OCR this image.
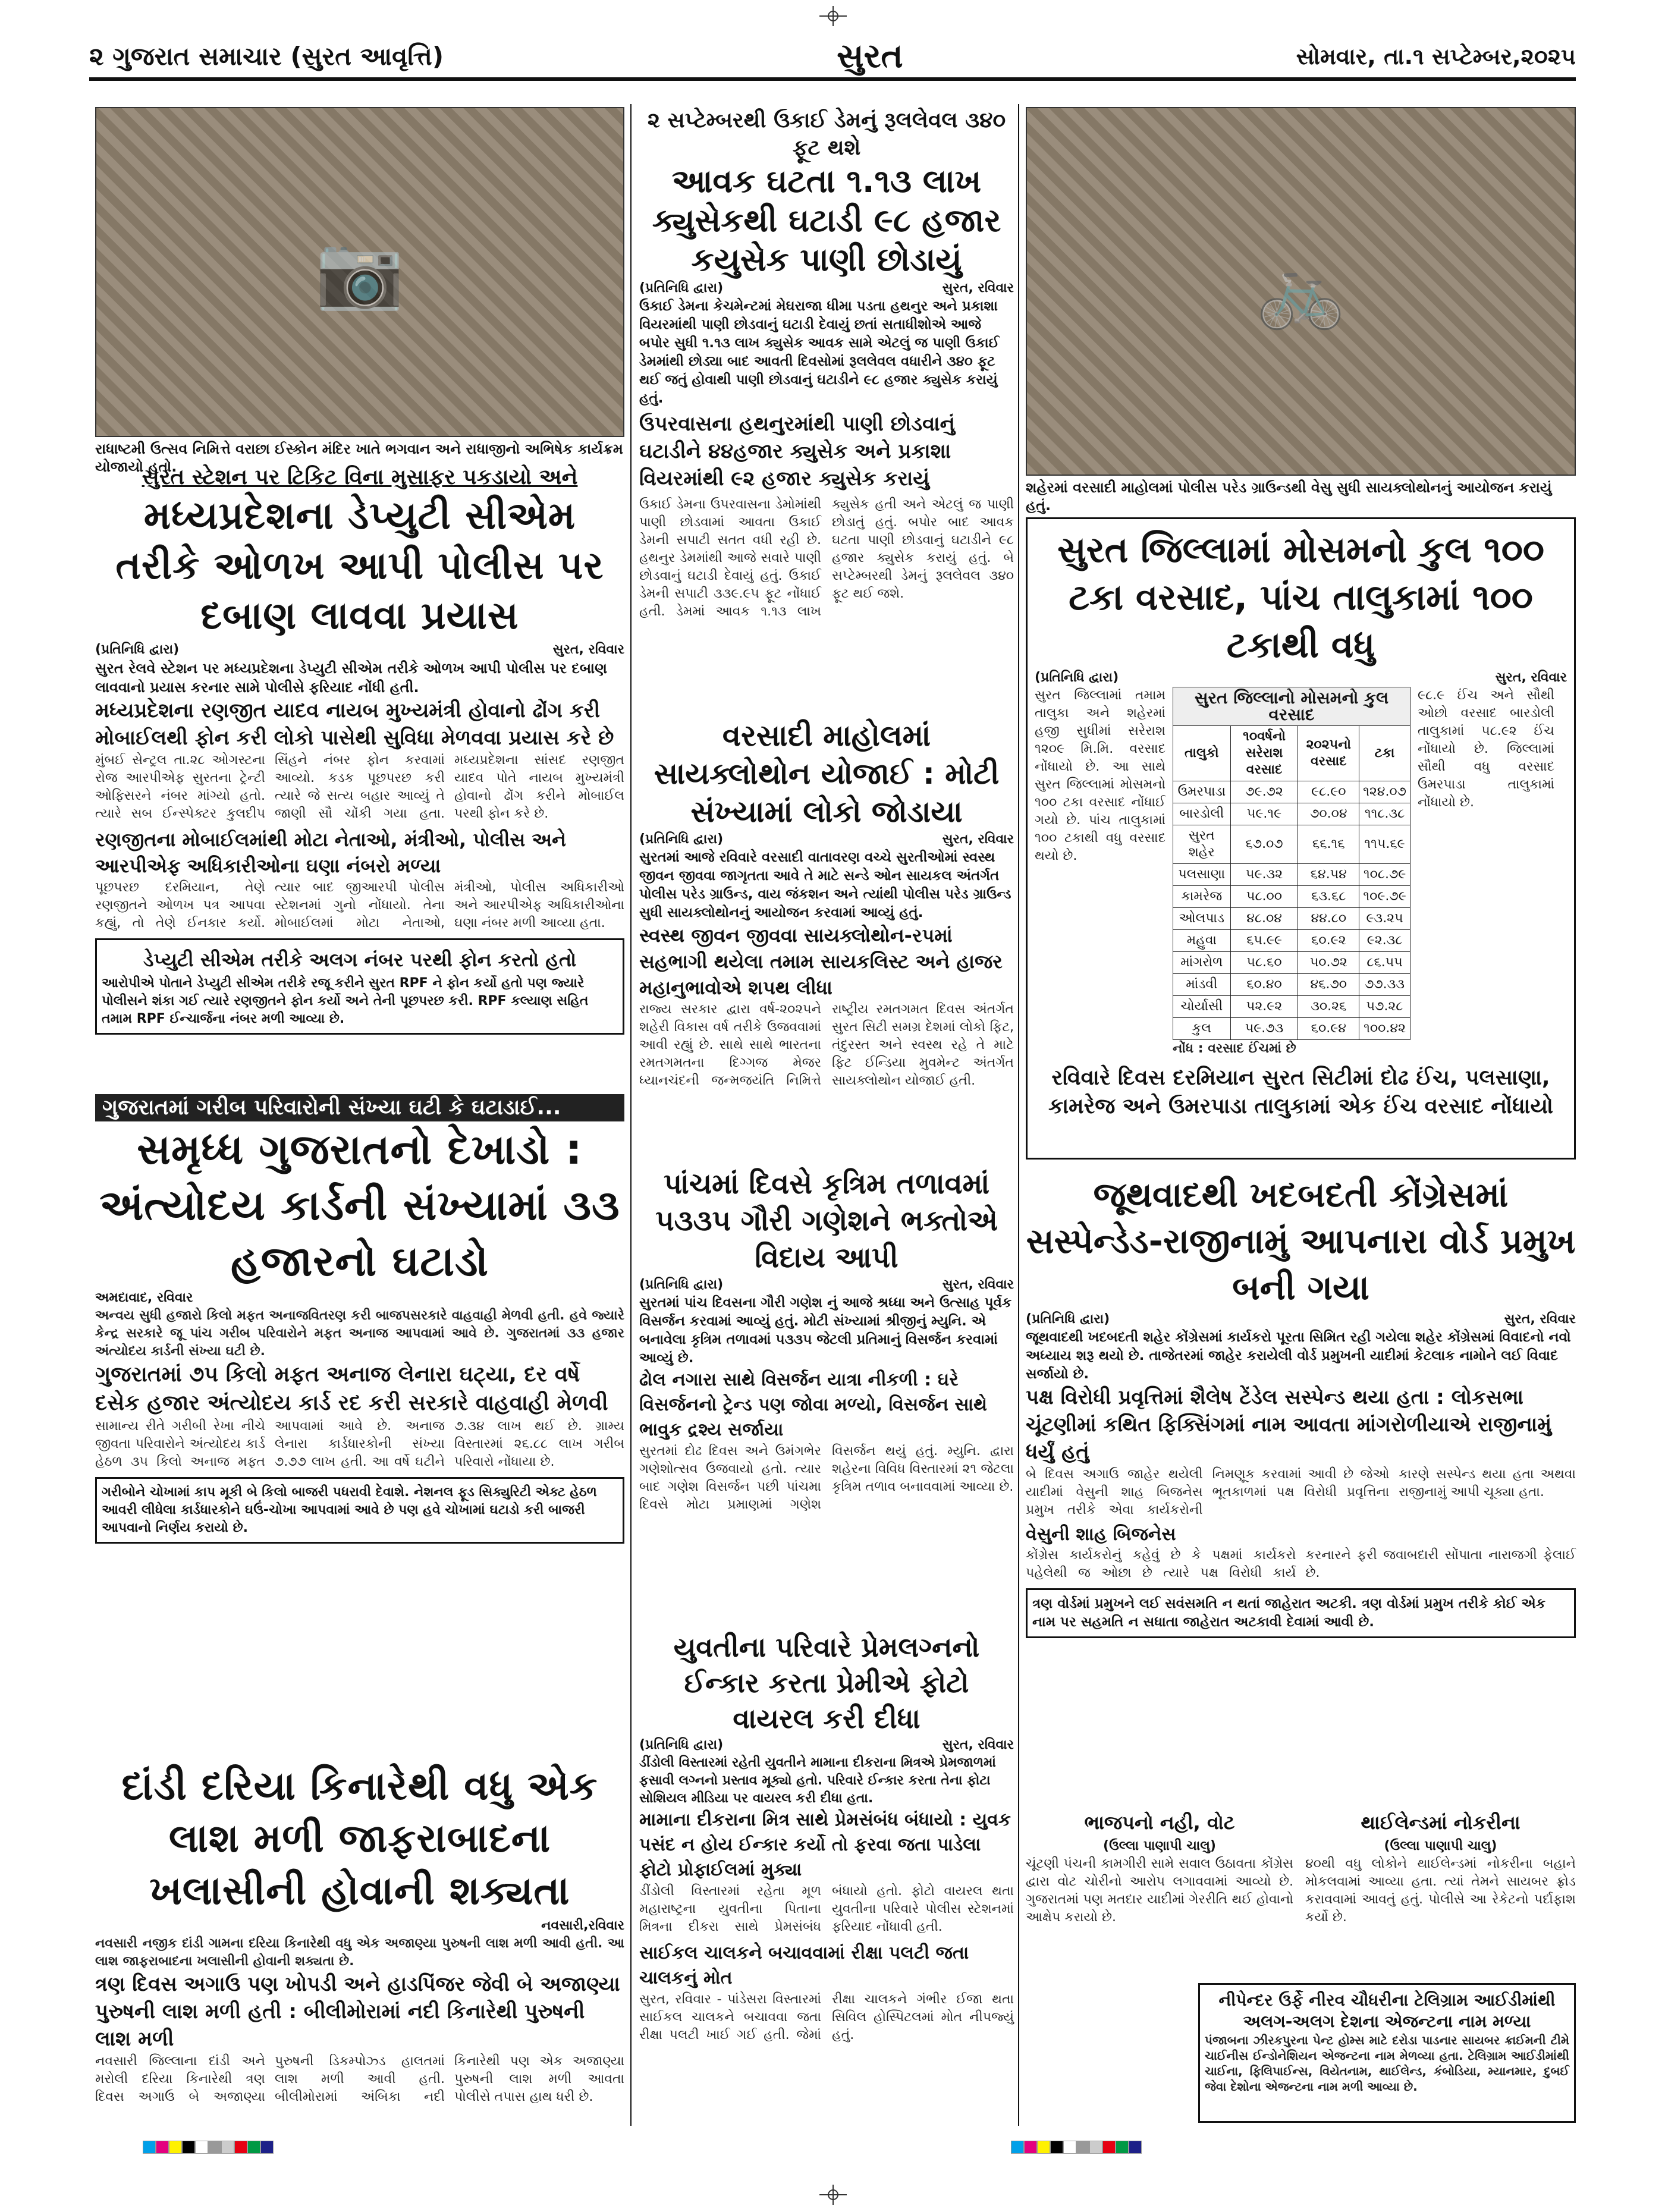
૨ ગુજરાત સમાચાર (સુરત આવૃત્તિ)	સુરત	સોમવાર, તા.૧ સપ્ટેમ્બર,૨૦૨૫
📷
રાધાષ્ટમી ઉત્સવ નિમિત્તે વરાછા ઈસ્કોન મંદિર ખાતે ભગવાન અને રાધાજીનો અભિષેક કાર્યક્રમ યોજાયો હતો.
૨ સપ્ટેમ્બરથી ઉકાઈ ડેમનું રૂલલેવલ ૩૪૦ ફૂટ થશે
આવક ઘટતા ૧.૧૩ લાખ ક્યુસેકથી ઘટાડી ૯૮ હજાર કયુસેક પાણી છોડાયું
(પ્રતિનિધિ દ્વારા)	સુરત, રવિવાર
ઉકાઈ ડેમના કેચમેન્ટમાં મેઘરાજા ધીમા પડતા હથનુર અને પ્રકાશા વિયરમાંથી પાણી છોડવાનું ઘટાડી દેવાયું છતાં સતાધીશોએ આજે બપોર સુધી ૧.૧૩ લાખ ક્યુસેક આવક સામે એટલું જ પાણી ઉકાઈ ડેમમાંથી છોડ્યા બાદ આવતી દિવસોમાં રૂલલેવલ વધારીને ૩૪૦ ફૂટ થઈ જતું હોવાથી પાણી છોડવાનું ઘટાડીને ૯૮ હજાર ક્યુસેક કરાયું હતું.
ઉપરવાસના હથનુરમાંથી પાણી છોડવાનું ઘટાડીને ૪૪હજાર ક્યુસેક અને પ્રકાશા વિયરમાંથી ૯૨ હજાર ક્યુસેક કરાયું
ઉકાઈ ડેમના ઉપરવાસના ડેમોમાંથી પાણી છોડવામાં આવતા ઉકાઈ ડેમની સપાટી સતત વધી રહી છે. હથનુર ડેમમાંથી આજે સવારે પાણી છોડવાનું ઘટાડી દેવાયું હતું. ઉકાઈ ડેમની સપાટી ૩૩૯.૯૫ ફૂટ નોંધાઈ હતી. ડેમમાં આવક ૧.૧૩ લાખ ક્યુસેક હતી અને એટલું જ પાણી છોડાતું હતું. બપોર બાદ આવક ઘટતા પાણી છોડવાનું ઘટાડીને ૯૮ હજાર ક્યુસેક કરાયું હતું. બે સપ્ટેમ્બરથી ડેમનું રૂલલેવલ ૩૪૦ ફૂટ થઈ જશે.
🚲
શહેરમાં વરસાદી માહોલમાં પોલીસ પરેડ ગ્રાઉન્ડથી વેસુ સુધી સાયક્લોથોનનું આયોજન કરાયું હતું.
સુરત સ્ટેશન પર ટિકિટ વિના મુસાફર પકડાયો અને
મધ્યપ્રદેશના ડેપ્યુટી સીએમ તરીકે ઓળખ આપી પોલીસ પર દબાણ લાવવા પ્રયાસ
(પ્રતિનિધિ દ્વારા)	સુરત, રવિવાર
સુરત રેલવે સ્ટેશન પર મધ્યપ્રદેશના ડેપ્યુટી સીએમ તરીકે ઓળખ આપી પોલીસ પર દબાણ લાવવાનો પ્રયાસ કરનાર સામે પોલીસે ફરિયાદ નોંધી હતી.
મધ્યપ્રદેશના રણજીત યાદવ નાયબ મુખ્યમંત્રી હોવાનો ઢોંગ કરી મોબાઈલથી ફોન કરી લોકો પાસેથી સુવિધા મેળવવા પ્રયાસ કરે છે
મુંબઈ સેન્ટ્રલ તા.૨૮ ઓગસ્ટના રોજ આરપીએફ સુરતના ટ્રેન્ટી ઓફિસરને નંબર માંગ્યો હતો. ત્યારે સબ ઈન્સ્પેક્ટર કુલદીપ સિંહને નંબર ફોન કરવામાં આવ્યો. કડક પૂછપરછ કરી ત્યારે જે સત્ય બહાર આવ્યું તે જાણી સૌ ચોંકી ગયા હતા. મધ્યપ્રદેશના સાંસદ રણજીત યાદવ પોતે નાયબ મુખ્યમંત્રી હોવાનો ઢોંગ કરીને મોબાઈલ પરથી ફોન કરે છે.
રણજીતના મોબાઈલમાંથી મોટા નેતાઓ, મંત્રીઓ, પોલીસ અને આરપીએફ અધિકારીઓના ઘણા નંબરો મળ્યા
પૂછપરછ દરમિયાન, તેણે રણજીતને ઓળખ પત્ર આપવા કહ્યું, તો તેણે ઈનકાર કર્યો. ત્યાર બાદ જીઆરપી પોલીસ સ્ટેશનમાં ગુનો નોંધાયો. તેના મોબાઈલમાં મોટા નેતાઓ, મંત્રીઓ, પોલીસ અધિકારીઓ અને આરપીએફ અધિકારીઓના ઘણા નંબર મળી આવ્યા હતા.
ડેપ્યુટી સીએમ તરીકે અલગ નંબર પરથી ફોન કરતો હતો
આરોપીએ પોતાને ડેપ્યુટી સીએમ તરીકે રજૂ કરીને સુરત RPF ને ફોન કર્યો હતો પણ જ્યારે પોલીસને શંકા ગઈ ત્યારે રણજીતને ફોન કર્યો અને તેની પૂછપરછ કરી. RPF કલ્યાણ સહિત તમામ RPF ઈન્ચાર્જના નંબર મળી આવ્યા છે.
ગુજરાતમાં ગરીબ પરિવારોની સંખ્યા ઘટી કે ઘટાડાઈ...
સમૃધ્ધ ગુજરાતનો દેખાડો : અંત્યોદય કાર્ડની સંખ્યામાં ૩૩ હજારનો ઘટાડો
અમદાવાદ, રવિવાર
અન્વય સુધી હજારો કિલો મફત અનાજવિતરણ કરી બાજપસરકારે વાહવાહી મેળવી હતી. હવે જ્યારે કેન્દ્ર સરકારે જૂ પાંચ ગરીબ પરિવારોને મફત અનાજ આપવામાં આવે છે. ગુજરાતમાં ૩૩ હજાર અંત્યોદય કાર્ડની સંખ્યા ઘટી છે.
ગુજરાતમાં ૭૫ કિલો મફત અનાજ લેનારા ઘટ્યા, દર વર્ષે દસેક હજાર અંત્યોદય કાર્ડ રદ કરી સરકારે વાહવાહી મેળવી
સામાન્ય રીતે ગરીબી રેખા નીચે જીવતા પરિવારોને અંત્યોદય કાર્ડ હેઠળ ૩૫ કિલો અનાજ મફત આપવામાં આવે છે. અનાજ લેનારા કાર્ડધારકોની સંખ્યા ૭.૭૭ લાખ હતી. આ વર્ષે ઘટીને ૭.૩૪ લાખ થઈ છે. ગ્રામ્ય વિસ્તારમાં ૨૬.૮૮ લાખ ગરીબ પરિવારો નોંધાયા છે.
ગરીબોને ચોખામાં કાપ મૂકી બે કિલો બાજરી પધરાવી દેવાશે. નેશનલ ફૂડ સિક્યુરિટી એક્ટ હેઠળ આવરી લીધેલા કાર્ડધારકોને ઘઉં-ચોખા આપવામાં આવે છે પણ હવે ચોખામાં ઘટાડો કરી બાજરી આપવાનો નિર્ણય કરાયો છે.
દાંડી દરિયા કિનારેથી વધુ એક લાશ મળી જાફરાબાદના ખલાસીની હોવાની શક્યતા
નવસારી,રવિવાર
નવસારી નજીક દાંડી ગામના દરિયા કિનારેથી વધુ એક અજાણ્યા પુરુષની લાશ મળી આવી હતી. આ લાશ જાફરાબાદના ખલાસીની હોવાની શક્યતા છે.
ત્રણ દિવસ અગાઉ પણ ખોપડી અને હાડપિંજર જેવી બે અજાણ્યા પુરુષની લાશ મળી હતી : બીલીમોરામાં નદી કિનારેથી પુરુષની લાશ મળી
નવસારી જિલ્લાના દાંડી અને મરોલી દરિયા કિનારેથી ત્રણ દિવસ અગાઉ બે અજાણ્યા પુરુષની ડિકમ્પોઝ્ડ હાલતમાં લાશ મળી આવી હતી. બીલીમોરામાં અંબિકા નદી કિનારેથી પણ એક અજાણ્યા પુરુષની લાશ મળી આવતા પોલીસે તપાસ હાથ ધરી છે.
વરસાદી માહોલમાં સાયક્લોથોન યોજાઈ : મોટી સંખ્યામાં લોકો જોડાયા
(પ્રતિનિધિ દ્વારા)	સુરત, રવિવાર
સુરતમાં આજે રવિવારે વરસાદી વાતાવરણ વચ્ચે સુરતીઓમાં સ્વસ્થ જીવન જીવવા જાગૃતતા આવે તે માટે સન્ડે ઓન સાયકલ અંતર્ગત પોલીસ પરેડ ગ્રાઉન્ડ, વાય જંકશન અને ત્યાંથી પોલીસ પરેડ ગ્રાઉન્ડ સુધી સાયક્લોથોનનું આયોજન કરવામાં આવ્યું હતું.
સ્વસ્થ જીવન જીવવા સાયક્લોથોન-રપમાં સહભાગી થયેલા તમામ સાયકલિસ્ટ અને હાજર મહાનુભાવોએ શપથ લીધા
રાજ્ય સરકાર દ્વારા વર્ષ-૨૦૨૫ને શહેરી વિકાસ વર્ષ તરીકે ઉજવવામાં આવી રહ્યું છે. સાથે સાથે ભારતના રમતગમતના દિગ્ગજ મેજર ધ્યાનચંદની જન્મજયંતિ નિમિત્તે રાષ્ટ્રીય રમતગમત દિવસ અંતર્ગત સુરત સિટી સમગ્ર દેશમાં લોકો ફિટ, તંદુરસ્ત અને સ્વસ્થ રહે તે માટે ફિટ ઈન્ડિયા મુવમેન્ટ અંતર્ગત સાયક્લોથોન યોજાઈ હતી.
પાંચમાં દિવસે કૃત્રિમ તળાવમાં ૫૩૩૫ ગૌરી ગણેશને ભક્તોએ વિદાય આપી
(પ્રતિનિધિ દ્વારા)	સુરત, રવિવાર
સુરતમાં પાંચ દિવસના ગૌરી ગણેશ નું આજે શ્રધ્ધા અને ઉત્સાહ પૂર્વક વિસર્જન કરવામાં આવ્યું હતું. મોટી સંખ્યામાં શ્રીજીનું મ્યુનિ. એ બનાવેલા કૃત્રિમ તળાવમાં ૫૩૩૫ જેટલી પ્રતિમાનું વિસર્જન કરવામાં આવ્યું છે.
ઢોલ નગારા સાથે વિસર્જન યાત્રા નીકળી : ઘરે વિસર્જનનો ટ્રેન્ડ પણ જોવા મળ્યો, વિસર્જન સાથે ભાવુક દ્રશ્ય સર્જાયા
સુરતમાં દોઢ દિવસ અને ઉમંગભેર ગણેશોત્સવ ઉજવાયો હતો. ત્યાર બાદ ગણેશ વિસર્જન પછી પાંચમા દિવસે મોટા પ્રમાણમાં ગણેશ વિસર્જન થયું હતું. મ્યુનિ. દ્વારા શહેરના વિવિધ વિસ્તારમાં ૨૧ જેટલા કૃત્રિમ તળાવ બનાવવામાં આવ્યા છે.
યુવતીના પરિવારે પ્રેમલગ્નનો ઈન્કાર કરતા પ્રેમીએ ફોટો વાયરલ કરી દીધા
(પ્રતિનિધિ દ્વારા)	સુરત, રવિવાર
ડીંડોલી વિસ્તારમાં રહેતી યુવતીને મામાના દીકરાના મિત્રએ પ્રેમજાળમાં ફસાવી લગ્નનો પ્રસ્તાવ મૂક્યો હતો. પરિવારે ઈન્કાર કરતા તેના ફોટા સોશિયલ મીડિયા પર વાયરલ કરી દીધા હતા.
મામાના દીકરાના મિત્ર સાથે પ્રેમસંબંધ બંધાયો : યુવક પસંદ ન હોય ઈન્કાર કર્યો તો ફરવા જતા પાડેલા ફોટો પ્રોફાઈલમાં મુક્યા
ડીંડોલી વિસ્તારમાં રહેતા મૂળ મહારાષ્ટ્રના યુવતીના પિતાના મિત્રના દીકરા સાથે પ્રેમસંબંધ બંધાયો હતો. ફોટો વાયરલ થતા યુવતીના પરિવારે પોલીસ સ્ટેશનમાં ફરિયાદ નોંધાવી હતી.
સાઈકલ ચાલકને બચાવવામાં રીક્ષા પલટી જતા ચાલકનું મોત
સુરત, રવિવાર - પાંડેસરા વિસ્તારમાં સાઈકલ ચાલકને બચાવવા જતા રીક્ષા પલટી ખાઈ ગઈ હતી. જેમાં રીક્ષા ચાલકને ગંભીર ઈજા થતા સિવિલ હોસ્પિટલમાં મોત નીપજ્યું હતું.
સુરત જિલ્લામાં મોસમનો કુલ ૧૦૦ ટકા વરસાદ, પાંચ તાલુકામાં ૧૦૦ ટકાથી વધુ
(પ્રતિનિધિ દ્વારા)	સુરત, રવિવાર
સુરત જિલ્લામાં તમામ તાલુકા અને શહેરમાં હજી સુધીમાં સરેરાશ ૧૨૦૯ મિ.મિ. વરસાદ નોંધાયો છે. આ સાથે સુરત જિલ્લામાં મોસમનો ૧૦૦ ટકા વરસાદ નોંધાઈ ગયો છે. પાંચ તાલુકામાં ૧૦૦ ટકાથી વધુ વરસાદ થયો છે.
સુરત જિલ્લાનો મોસમનો કુલ વરસાદ			
તાલુકો	૧૦વર્ષનો સરેરાશ વરસાદ	૨૦૨૫નો વરસાદ	ટકા
ઉમરપાડા	૭૯.૭૨	૯૮.૯૦	૧૨૪.૦૭
બારડોલી	૫૯.૧૯	૭૦.૦૪	૧૧૮.૩૮
સુરત શહેર	૬૭.૦૭	૬૬.૧૬	૧૧૫.૬૯
પલસાણા	૫૯.૩૨	૬૪.૫૪	૧૦૮.૭૯
કામરેજ	૫૮.૦૦	૬૩.૬૮	૧૦૯.૭૯
ઓલપાડ	૪૮.૦૪	૪૪.૮૦	૯૩.૨૫
મહુવા	૬૫.૯૯	૬૦.૯૨	૯૨.૩૮
માંગરોળ	૫૮.૬૦	૫૦.૭૨	૮૬.૫૫
માંડવી	૬૦.૪૦	૪૬.૭૦	૭૭.૩૩
ચોર્યાસી	૫૨.૯૨	૩૦.૨૬	૫૭.૨૮
કુલ	૫૯.૭૩	૬૦.૯૪	૧૦૦.૪૨
નોંધ : વરસાદ ઈંચમાં છે
૯૮.૯ ઈંચ અને સૌથી ઓછો વરસાદ બારડોલી તાલુકામાં ૫૮.૯૨ ઈંચ નોંધાયો છે. જિલ્લામાં સૌથી વધુ વરસાદ ઉમરપાડા તાલુકામાં નોંધાયો છે.
રવિવારે દિવસ દરમિયાન સુરત સિટીમાં દોઢ ઈંચ, પલસાણા, કામરેજ અને ઉમરપાડા તાલુકામાં એક ઈંચ વરસાદ નોંધાયો
જૂથવાદથી ખદબદતી કોંગ્રેસમાં સસ્પેન્ડેડ-રાજીનામું આપનારા વોર્ડ પ્રમુખ બની ગયા
(પ્રતિનિધિ દ્વારા)	સુરત, રવિવાર
જૂથવાદથી ખદબદતી શહેર કોંગ્રેસમાં કાર્યકરો પૂરતા સિમિત રહી ગયેલા શહેર કોંગ્રેસમાં વિવાદનો નવો અધ્યાય શરૂ થયો છે. તાજેતરમાં જાહેર કરાયેલી વોર્ડ પ્રમુખની યાદીમાં કેટલાક નામોને લઈ વિવાદ સર્જાયો છે.
પક્ષ વિરોધી પ્રવૃત્તિમાં શૈલેષ ટેંડેલ સસ્પેન્ડ થયા હતા : લોકસભા ચૂંટણીમાં કથિત ફિક્સિંગમાં નામ આવતા માંગરોળીયાએ રાજીનામું ધર્યું હતું
બે દિવસ અગાઉ જાહેર થયેલી યાદીમાં વેસુની શાહ બિજનેસ પ્રમુખ તરીકે એવા કાર્યકરોની નિમણૂક કરવામાં આવી છે જેઓ ભૂતકાળમાં પક્ષ વિરોધી પ્રવૃત્તિના કારણે સસ્પેન્ડ થયા હતા અથવા રાજીનામું આપી ચૂક્યા હતા.
વેસુની શાહ બિજનેસ
કોંગ્રેસ કાર્યકરોનું કહેવું છે કે પક્ષમાં કાર્યકરો પહેલેથી જ ઓછા છે ત્યારે પક્ષ વિરોધી કાર્ય કરનારને ફરી જવાબદારી સોંપાતા નારાજગી ફેલાઈ છે.
ત્રણ વોર્ડમાં પ્રમુખને લઈ સવંસમતિ ન થતાં જાહેરાત અટકી. ત્રણ વોર્ડમાં પ્રમુખ તરીકે કોઈ એક નામ પર સહમતિ ન સધાતા જાહેરાત અટકાવી દેવામાં આવી છે.
ભાજપનો નહી, વોટ
(ઉલ્લા પાણાપી ચાલુ)
ચૂંટણી પંચની કામગીરી સામે સવાલ ઉઠાવતા કોંગ્રેસ દ્વારા વોટ ચોરીનો આરોપ લગાવવામાં આવ્યો છે. ગુજરાતમાં પણ મતદાર યાદીમાં ગેરરીતિ થઈ હોવાનો આક્ષેપ કરાયો છે.
થાઈલેન્ડમાં નોકરીના
(ઉલ્લા પાણાપી ચાલુ)
૪૦થી વધુ લોકોને થાઈલેન્ડમાં નોકરીના બહાને મોકલવામાં આવ્યા હતા. ત્યાં તેમને સાયબર ફ્રોડ કરાવવામાં આવતું હતું. પોલીસે આ રેકેટનો પર્દાફાશ કર્યો છે.
નીપેન્દર ઉર્ફે નીરવ ચૌધરીના ટેલિગ્રામ આઈડીમાંથી અલગ-અલગ દેશના એજન્ટના નામ મળ્યા
પંજાબના ઝીરકપુરના પેન્ટ હોમ્સ માટે દરોડા પાડનાર સાયબર ક્રાઈમની ટીમે ચાઈનીસ ઈન્ડોનેશિયન એજન્ટના નામ મેળવ્યા હતા. ટેલિગ્રામ આઈડીમાંથી ચાઈના, ફિલિપાઈન્સ, વિયેતનામ, થાઈલેન્ડ, કંબોડિયા, મ્યાનમાર, દુબઈ જેવા દેશોના એજન્ટના નામ મળી આવ્યા છે.
